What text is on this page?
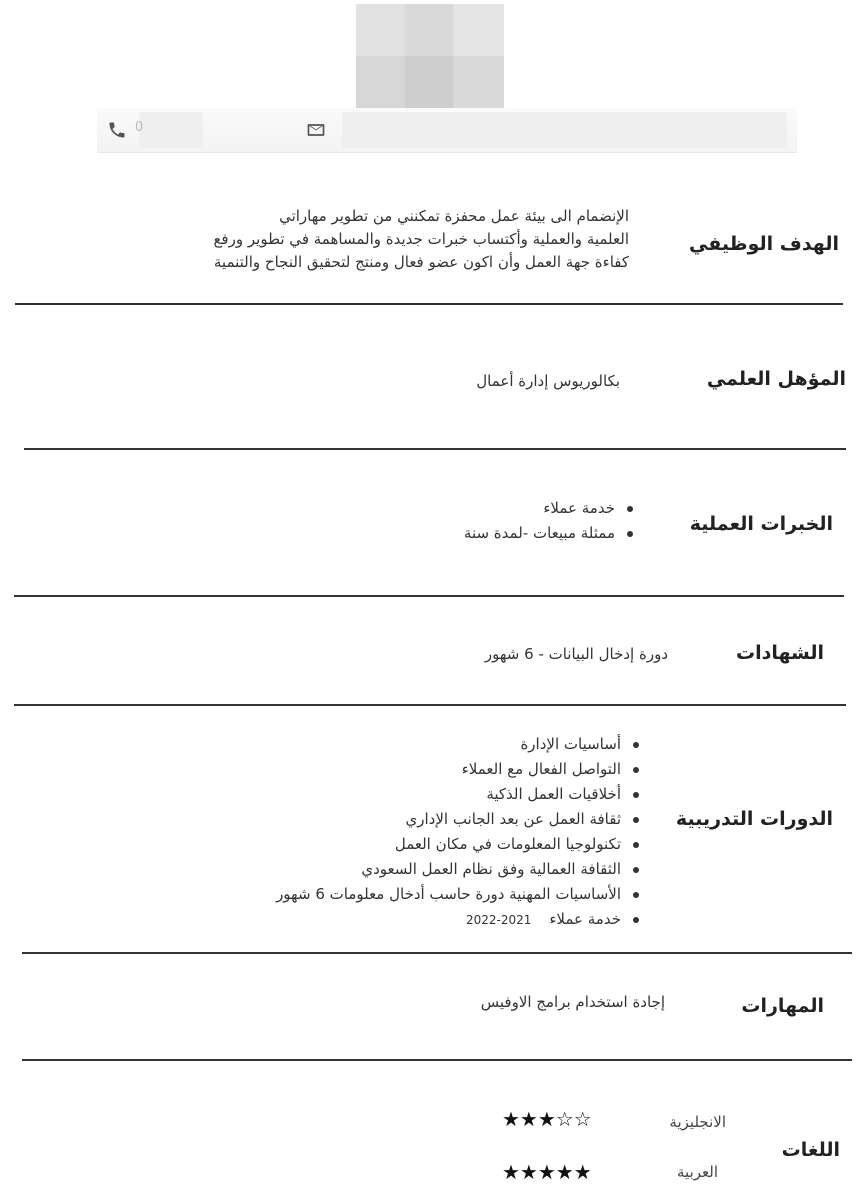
0
الهدف الوظيفي
الإنضمام الى بيئة عمل محفزة تمكنني من تطوير مهاراتي
العلمية والعملية وأكتساب خبرات جديدة والمساهمة في تطوير ورفع
كفاءة جهة العمل وأن اكون عضو فعال ومنتج لتحقيق النجاح والتنمية
المؤهل العلمي
بكالوريوس إدارة أعمال
الخبرات العملية
خدمة عملاء
ممثلة مبيعات -لمدة سنة
الشهادات
دورة إدخال البيانات - 6 شهور
الدورات التدريبية
أساسيات الإدارة
التواصل الفعال مع العملاء
أخلاقيات العمل الذكية
ثقافة العمل عن بعد الجانب الإداري
تكنولوجيا المعلومات في مكان العمل
الثقافة العمالية وفق نظام العمل السعودي
الأساسيات المهنية دورة حاسب أدخال معلومات 6 شهور
خدمة عملاء2021-2022
المهارات
إجادة استخدام برامج الاوفيس
اللغات
الانجليزية
★★★☆☆
العربية
★★★★★
